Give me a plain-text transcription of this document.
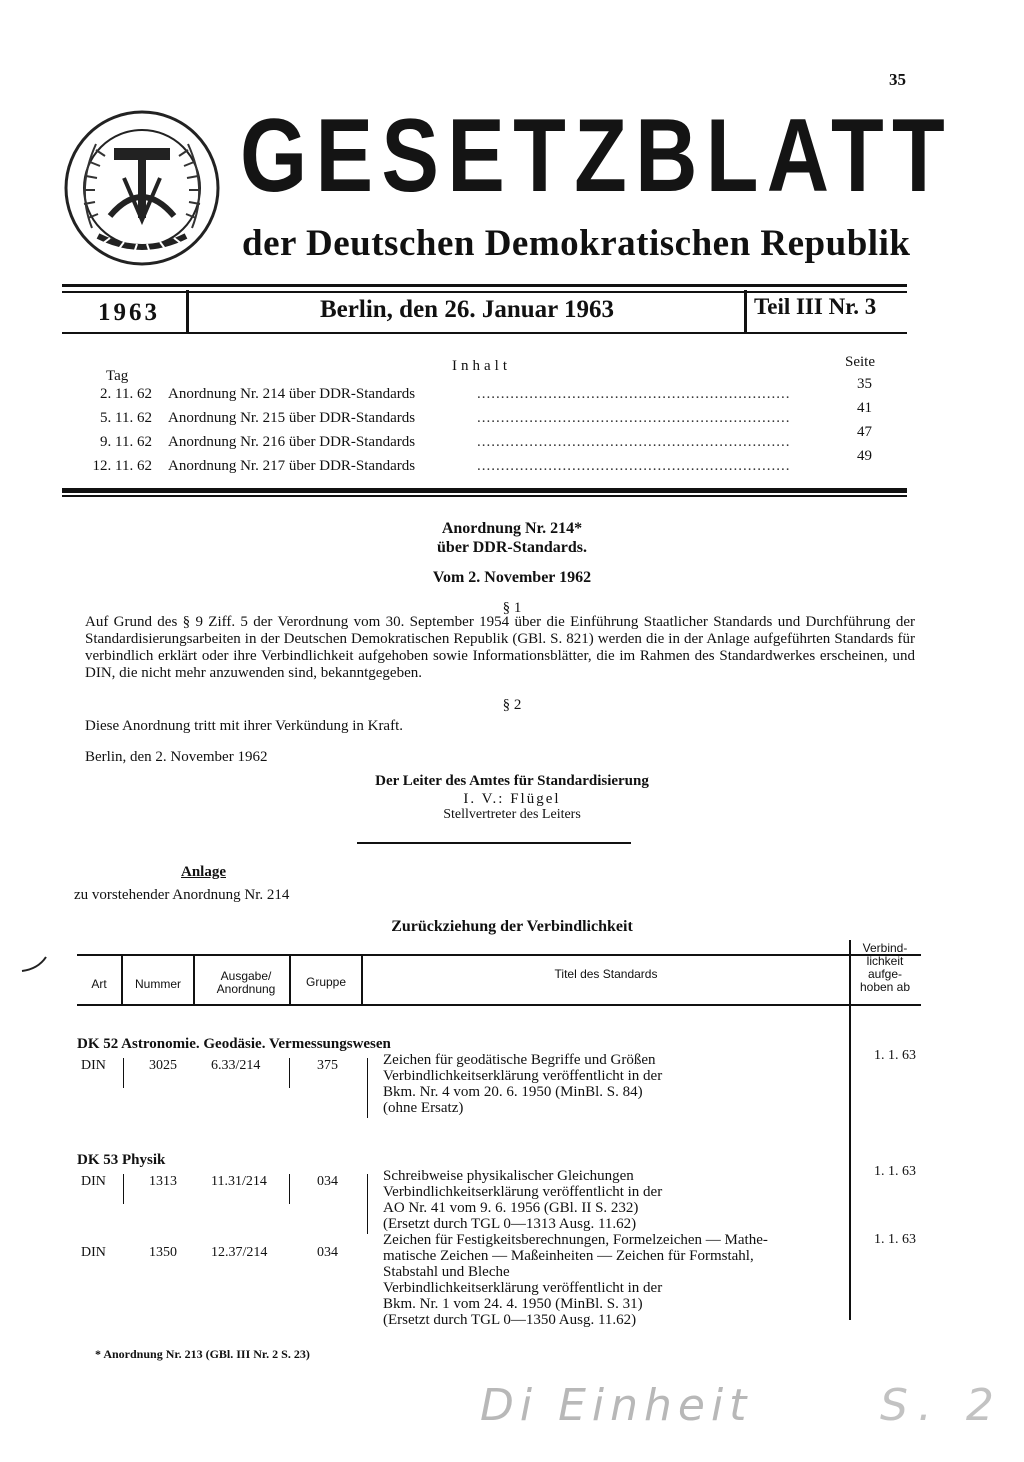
35
GESETZBLATT
der Deutschen Demokratischen Republik
1963	Berlin, den 26. Januar 1963	Teil III Nr. 3
Inhalt
Tag
Seite
2. 11. 62 Anordnung Nr. 214 über DDR-Standards	..................................................................
35
5. 11. 62 Anordnung Nr. 215 über DDR-Standards	..................................................................
41
9. 11. 62 Anordnung Nr. 216 über DDR-Standards	..................................................................
47
12. 11. 62 Anordnung Nr. 217 über DDR-Standards	..................................................................
49
Anordnung Nr. 214*
über DDR-Standards.
Vom 2. November 1962
§ 1
Auf Grund des § 9 Ziff. 5 der Verordnung vom 30. September 1954 über die Einführung Staatlicher Standards und Durchführung der Standardisierungsarbeiten in der Deutschen Demokratischen Republik (GBl. S. 821) werden die in der Anlage aufgeführten Standards für verbindlich erklärt oder ihre Verbindlichkeit aufgehoben sowie Informationsblätter, die im Rahmen des Standardwerkes erscheinen, und DIN, die nicht mehr anzuwenden sind, bekanntgegeben.
§ 2
Diese Anordnung tritt mit ihrer Verkündung in Kraft.
Berlin, den 2. November 1962
Der Leiter des Amtes für Standardisierung
I. V.: Flügel
Stellvertreter des Leiters
Anlage
zu vorstehender Anordnung Nr. 214
Zurückziehung der Verbindlichkeit
Art	Nummer
Ausgabe/ Anordnung	Gruppe
Titel des Standards
Verbind- lichkeit aufge- hoben ab
DK 52 Astronomie. Geodäsie. Vermessungswesen
DIN	3025 6.33/214	375	Zeichen für geodätische Begriffe und Größen
Verbindlichkeitserklärung veröffentlicht in der
Bkm. Nr. 4 vom 20. 6. 1950 (MinBl. S. 84)
(ohne Ersatz)
1. 1. 63
DK 53 Physik
DIN	1313 11.31/214	034	Schreibweise physikalischer Gleichungen
Verbindlichkeitserklärung veröffentlicht in der
AO Nr. 41 vom 9. 6. 1956 (GBl. II S. 232)
(Ersetzt durch TGL 0—1313 Ausg. 11.62)
1. 1. 63
DIN	1350 12.37/214	034
Zeichen für Festigkeitsberechnungen, Formelzeichen — Mathe-
matische Zeichen — Maßeinheiten — Zeichen für Formstahl,
Stabstahl und Bleche
Verbindlichkeitserklärung veröffentlicht in der
Bkm. Nr. 1 vom 24. 4. 1950 (MinBl. S. 31)
(Ersetzt durch TGL 0—1350 Ausg. 11.62)
1. 1. 63
* Anordnung Nr. 213 (GBl. III Nr. 2 S. 23)
Di Einheit	S. 2
